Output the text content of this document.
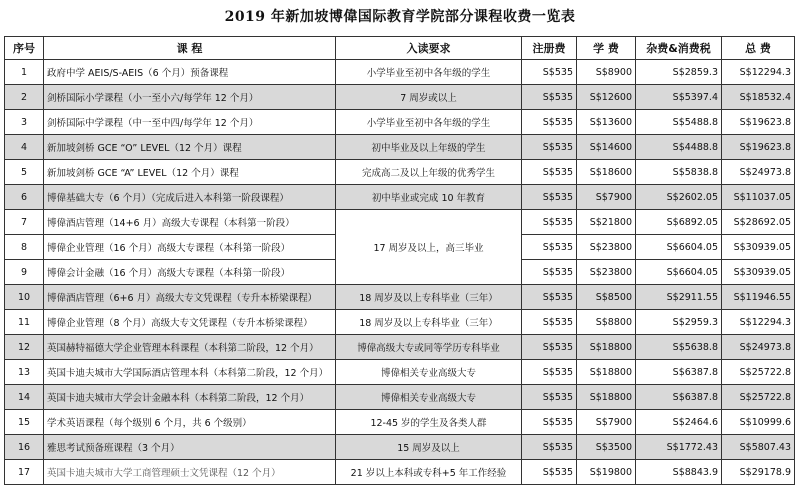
2019 年新加坡博偉国际教育学院部分课程收费一览表
序号	课 程	入读要求	注册费	学 费	杂费&消费税	总 费
1	政府中学 AEIS/S-AEIS（6 个月）预备课程	小学毕业至初中各年级的学生	S$535	S$8900	S$2859.3	S$12294.3
2	剑桥国际小学课程（小一至小六/每学年 12 个月）	7 周岁或以上	S$535	S$12600	S$5397.4	S$18532.4
3	剑桥国际中学课程（中一至中四/每学年 12 个月）	小学毕业至初中各年级的学生	S$535	S$13600	S$5488.8	S$19623.8
4	新加坡剑桥 GCE “O” LEVEL（12 个月）课程	初中毕业及以上年级的学生	S$535	S$14600	S$4488.8	S$19623.8
5	新加坡剑桥 GCE “A” LEVEL（12 个月）课程	完成高二及以上年级的优秀学生	S$535	S$18600	S$5838.8	S$24973.8
6	博偉基础大专（6 个月）（完成后进入本科第一阶段课程）	初中毕业或完成 10 年教育	S$535	S$7900	S$2602.05	S$11037.05
7	博偉酒店管理（14+6 月）高级大专课程（本科第一阶段）	17 周岁及以上，高三毕业	S$535	S$21800	S$6892.05	S$28692.05
8	博偉企业管理（16 个月）高级大专课程（本科第一阶段）		S$535	S$23800	S$6604.05	S$30939.05
9	博偉会计金融（16 个月）高级大专课程（本科第一阶段）		S$535	S$23800	S$6604.05	S$30939.05
10	博偉酒店管理（6+6 月）高级大专文凭课程（专升本桥梁课程）	18 周岁及以上专科毕业（三年）	S$535	S$8500	S$2911.55	S$11946.55
11	博偉企业管理（8 个月）高级大专文凭课程（专升本桥梁课程）	18 周岁及以上专科毕业（三年）	S$535	S$8800	S$2959.3	S$12294.3
12	英国赫特福德大学企业管理本科课程（本科第二阶段，12 个月）	博偉高级大专或同等学历专科毕业	S$535	S$18800	S$5638.8	S$24973.8
13	英国卡迪夫城市大学国际酒店管理本科（本科第二阶段，12 个月）	博偉相关专业高级大专	S$535	S$18800	S$6387.8	S$25722.8
14	英国卡迪夫城市大学会计金融本科（本科第二阶段，12 个月）	博偉相关专业高级大专	S$535	S$18800	S$6387.8	S$25722.8
15	学术英语课程（每个级别 6 个月，共 6 个级别）	12-45 岁的学生及各类人群	S$535	S$7900	S$2464.6	S$10999.6
16	雅思考试预备班课程（3 个月）	15 周岁及以上	S$535	S$3500	S$1772.43	S$5807.43
17	英国卡迪夫城市大学工商管理硕士文凭课程（12 个月）	21 岁以上本科或专科+5 年工作经验	S$535	S$19800	S$8843.9	S$29178.9
